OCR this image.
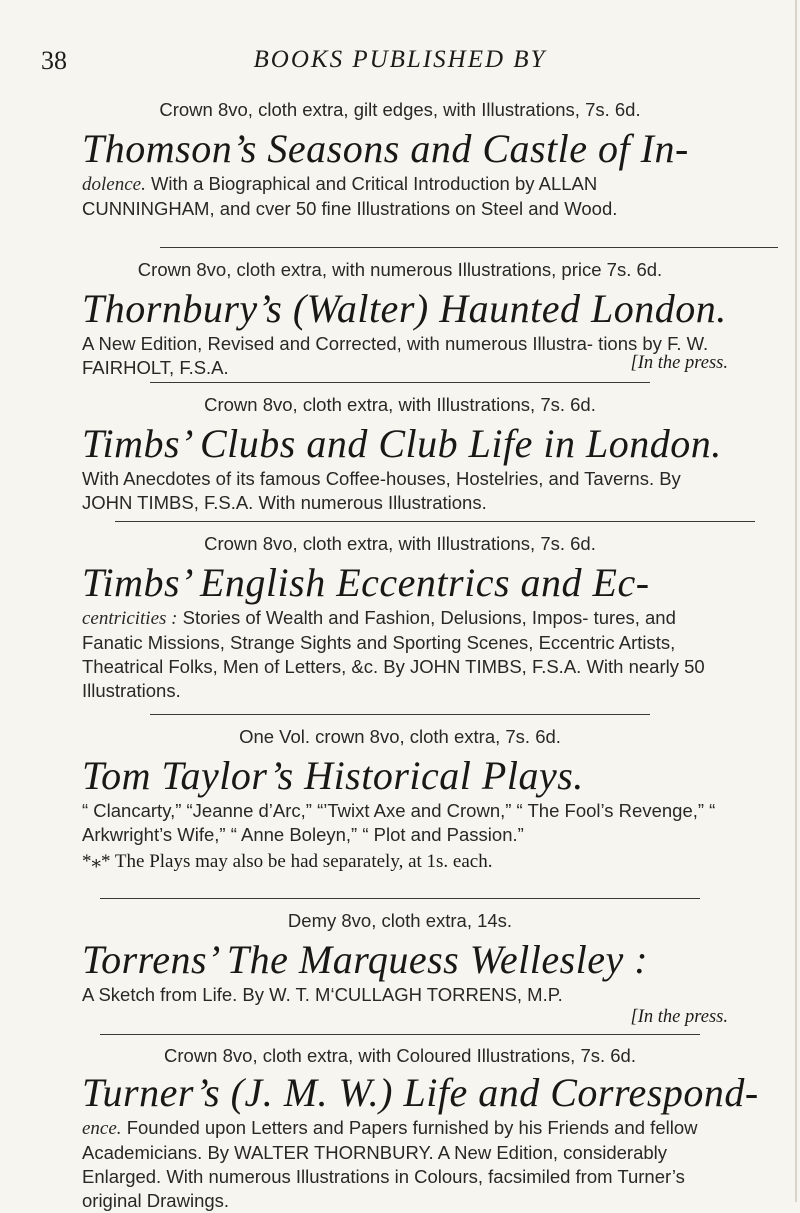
38	BOOKS PUBLISHED BY
Crown 8vo, cloth extra, gilt edges, with Illustrations, 7s. 6d.
Thomson’s Seasons and Castle of In-
dolence. With a Biographical and Critical Introduction by ALLAN CUNNINGHAM, and cver 50 fine Illustrations on Steel and Wood.
Crown 8vo, cloth extra, with numerous Illustrations, price 7s. 6d.
Thornbury’s (Walter) Haunted London.
A New Edition, Revised and Corrected, with numerous Illustra- tions by F. W. FAIRHOLT, F.S.A.	[In the press.
Crown 8vo, cloth extra, with Illustrations, 7s. 6d.
Timbs’ Clubs and Club Life in London.
With Anecdotes of its famous Coffee-houses, Hostelries, and Taverns. By JOHN TIMBS, F.S.A. With numerous Illustrations.
Crown 8vo, cloth extra, with Illustrations, 7s. 6d.
Timbs’ English Eccentrics and Ec-
centricities : Stories of Wealth and Fashion, Delusions, Impos- tures, and Fanatic Missions, Strange Sights and Sporting Scenes, Eccentric Artists, Theatrical Folks, Men of Letters, &c. By JOHN TIMBS, F.S.A. With nearly 50 Illustrations.
One Vol. crown 8vo, cloth extra, 7s. 6d.
Tom Taylor’s Historical Plays.
“ Clancarty,” “Jeanne d’Arc,” “’Twixt Axe and Crown,” “ The Fool’s Revenge,” “ Arkwright’s Wife,” “ Anne Boleyn,” “ Plot and Passion.”
*⁎* The Plays may also be had separately, at 1s. each.
Demy 8vo, cloth extra, 14s.
Torrens’ The Marquess Wellesley :
A Sketch from Life. By W. T. M‘CULLAGH TORRENS, M.P.
[In the press.
Crown 8vo, cloth extra, with Coloured Illustrations, 7s. 6d.
Turner’s (J. M. W.) Life and Correspond-
ence. Founded upon Letters and Papers furnished by his Friends and fellow Academicians. By WALTER THORNBURY. A New Edition, considerably Enlarged. With numerous Illustrations in Colours, facsimiled from Turner’s original Drawings.
